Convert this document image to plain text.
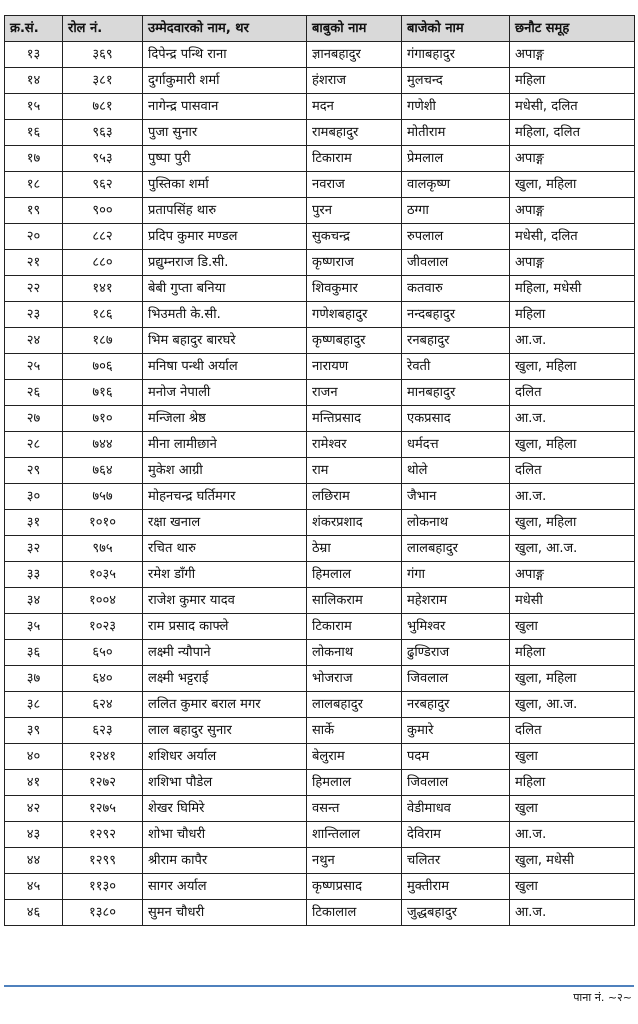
क्र.सं.	रोल नं.	उम्मेदवारको नाम, थर	बाबुको नाम	बाजेको नाम	छनौट समूह
१३	३६९	दिपेन्द्र पन्थि राना	ज्ञानबहादुर	गंगाबहादुर	अपाङ्ग
१४	३८१	दुर्गाकुमारी शर्मा	हंशराज	मुलचन्द	महिला
१५	७८१	नागेन्द्र पासवान	मदन	गणेशी	मधेसी, दलित
१६	९६३	पुजा सुनार	रामबहादुर	मोतीराम	महिला, दलित
१७	९५३	पुष्पा पुरी	टिकाराम	प्रेमलाल	अपाङ्ग
१८	९६२	पुस्तिका शर्मा	नवराज	वालकृष्ण	खुला, महिला
१९	९००	प्रतापसिंह थारु	पुरन	ठग्गा	अपाङ्ग
२०	८८२	प्रदिप कुमार मण्डल	सुकचन्द्र	रुपलाल	मधेसी, दलित
२१	८८०	प्रद्युम्नराज डि.सी.	कृष्णराज	जीवलाल	अपाङ्ग
२२	१४१	बेबी गुप्ता बनिया	शिवकुमार	कतवारु	महिला, मधेसी
२३	१८६	भिउमती के.सी.	गणेशबहादुर	नन्दबहादुर	महिला
२४	१८७	भिम बहादुर बारघरे	कृष्णबहादुर	रनबहादुर	आ.ज.
२५	७०६	मनिषा पन्थी अर्याल	नारायण	रेवती	खुला, महिला
२६	७१६	मनोज नेपाली	राजन	मानबहादुर	दलित
२७	७१०	मन्जिला श्रेष्ठ	मन्तिप्रसाद	एकप्रसाद	आ.ज.
२८	७४४	मीना लामीछाने	रामेश्वर	धर्मदत्त	खुला, महिला
२९	७६४	मुकेश आग्री	राम	थोले	दलित
३०	७५७	मोहनचन्द्र घर्तिमगर	लछिराम	जैभान	आ.ज.
३१	१०१०	रक्षा खनाल	शंकरप्रशाद	लोकनाथ	खुला, महिला
३२	९७५	रचित थारु	ठेम्रा	लालबहादुर	खुला, आ.ज.
३३	१०३५	रमेश डाँगी	हिमलाल	गंगा	अपाङ्ग
३४	१००४	राजेश कुमार यादव	सालिकराम	महेशराम	मधेसी
३५	१०२३	राम प्रसाद काफ्ले	टिकाराम	भुमिश्वर	खुला
३६	६५०	लक्ष्मी न्यौपाने	लोकनाथ	ढुण्डिराज	महिला
३७	६४०	लक्ष्मी भट्टराई	भोजराज	जिवलाल	खुला, महिला
३८	६२४	ललित कुमार बराल मगर	लालबहादुर	नरबहादुर	खुला, आ.ज.
३९	६२३	लाल बहादुर सुनार	सार्के	कुमारे	दलित
४०	१२४१	शशिधर अर्याल	बेलुराम	पदम	खुला
४१	१२७२	शशिभा पौडेल	हिमलाल	जिवलाल	महिला
४२	१२७५	शेखर घिमिरे	वसन्त	वेडीमाधव	खुला
४३	१२९२	शोभा चौधरी	शान्तिलाल	देविराम	आ.ज.
४४	१२९९	श्रीराम कापैर	नथुन	चलितर	खुला, मधेसी
४५	११३०	सागर अर्याल	कृष्णप्रसाद	मुक्तीराम	खुला
४६	१३८०	सुमन चौधरी	टिकालाल	जुद्धबहादुर	आ.ज.
पाना नं. ~२~
